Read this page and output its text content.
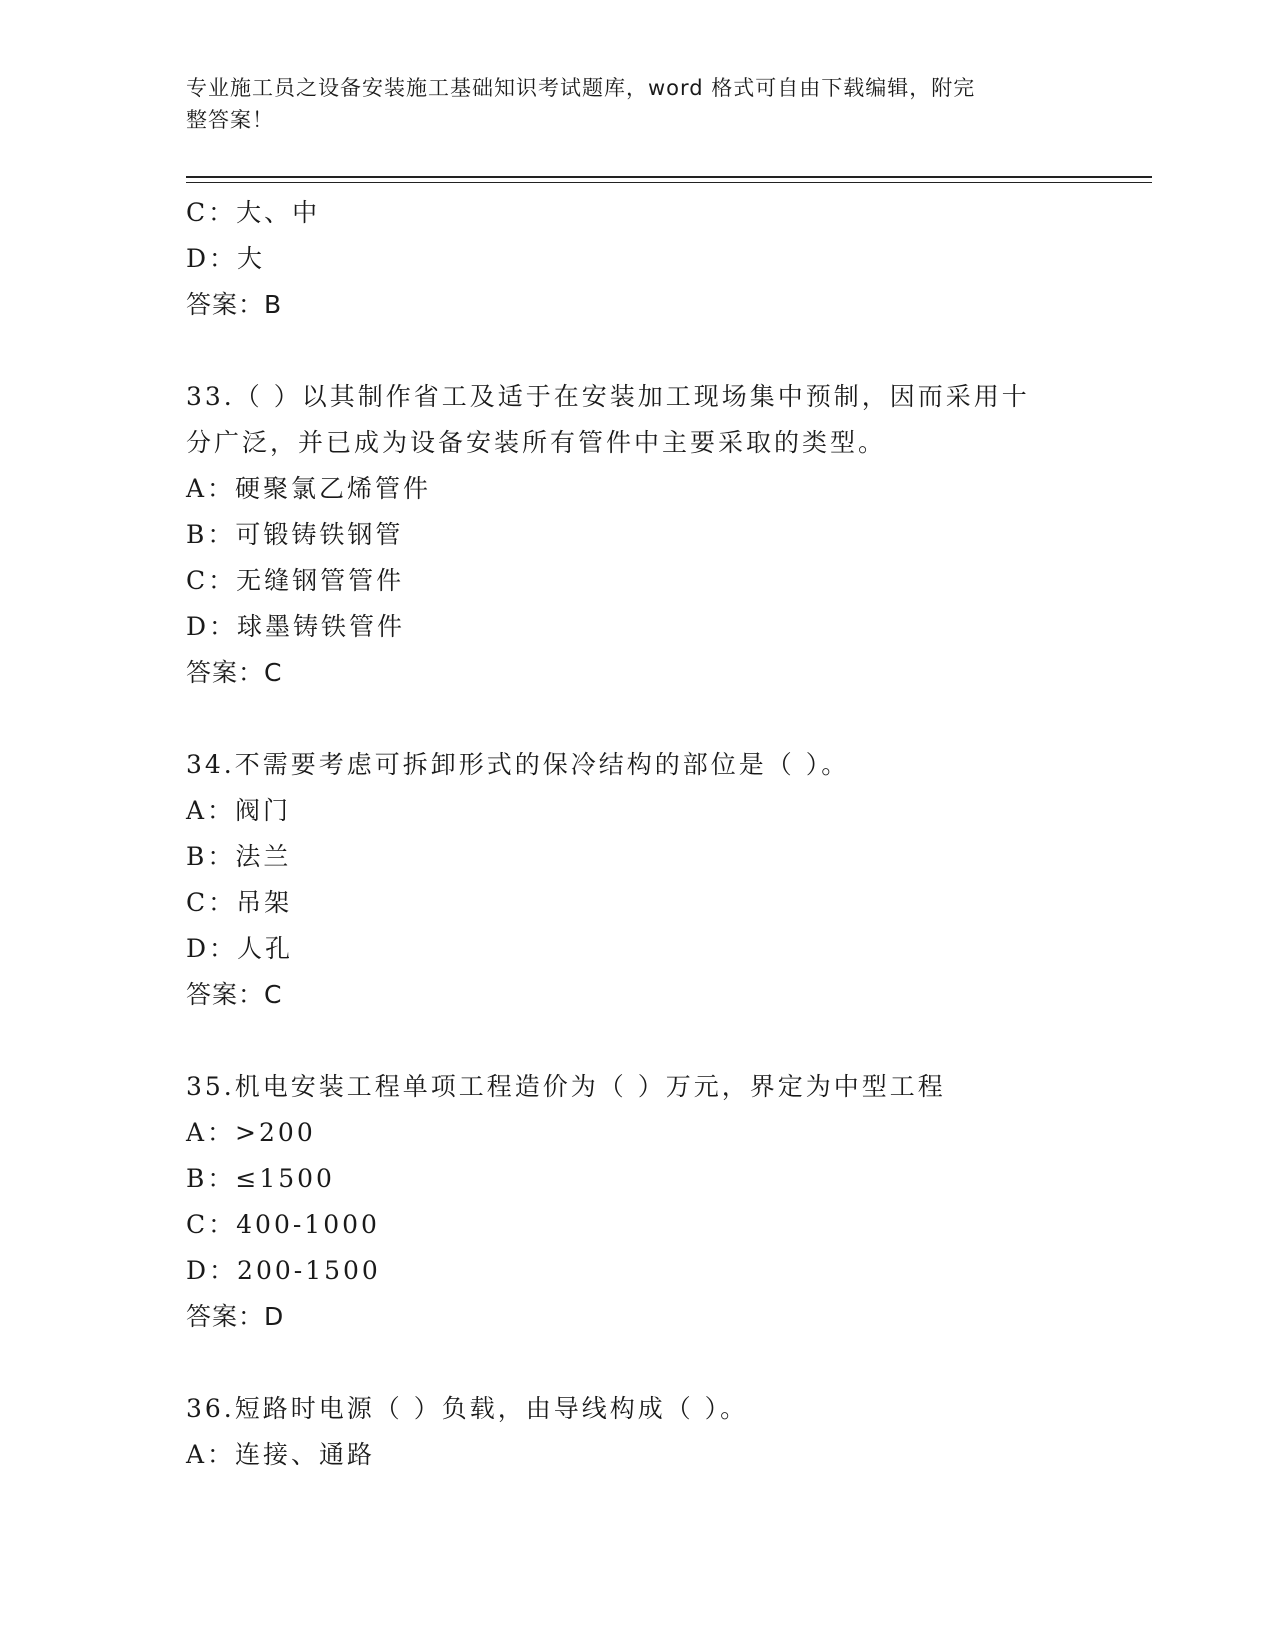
专业施工员之设备安装施工基础知识考试题库，word 格式可自由下载编辑，附完
整答案！
C：大、中
D：大
答案：B
33.（ ）以其制作省工及适于在安装加工现场集中预制，因而采用十
分广泛，并已成为设备安装所有管件中主要采取的类型。
A：硬聚氯乙烯管件
B：可锻铸铁钢管
C：无缝钢管管件
D：球墨铸铁管件
答案：C
34.不需要考虑可拆卸形式的保冷结构的部位是（ ）。
A：阀门
B：法兰
C：吊架
D：人孔
答案：C
35.机电安装工程单项工程造价为（ ）万元，界定为中型工程
A：>200
B：≤1500
C：400-1000
D：200-1500
答案：D
36.短路时电源（ ）负载，由导线构成（ ）。
A：连接、通路
